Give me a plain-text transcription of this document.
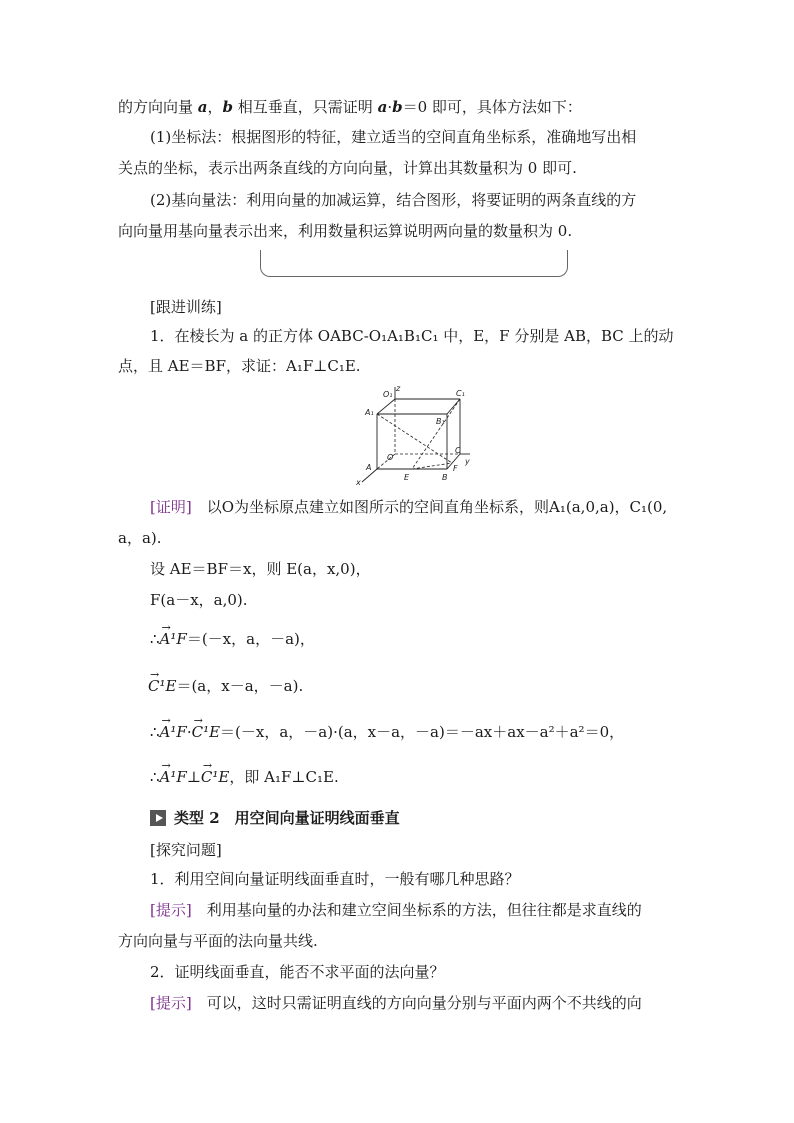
的方向向量 a，b 相互垂直，只需证明 a·b＝0 即可，具体方法如下：
(1)坐标法：根据图形的特征，建立适当的空间直角坐标系，准确地写出相
关点的坐标，表示出两条直线的方向向量，计算出其数量积为 0 即可.
(2)基向量法：利用向量的加减运算，结合图形，将要证明的两条直线的方
向向量用基向量表示出来，利用数量积运算说明两向量的数量积为 0.
[跟进训练]
1．在棱长为 a 的正方体 OABC-O₁A₁B₁C₁ 中，E，F 分别是 AB，BC 上的动
点，且 AE＝BF，求证：A₁F⊥C₁E.
z
O₁	C₁
A₁
B₁
O
C
y
A
x
E	B
F
[证明]　 以O为坐标原点建立如图所示的空间直角坐标系，则A₁(a,0,a)，C₁(0,
a，a).
设 AE＝BF＝x，则 E(a，x,0)，
F(a－x，a,0).
∴→ A¹F＝(－x，a，－a)，
→ C¹E＝(a，x－a，－a).
∴→ A¹F·→ C¹E＝(－x，a，－a)·(a，x－a，－a)＝－ax＋ax－a²＋a²＝0，
∴→ A¹F⊥→ C¹E，即 A₁F⊥C₁E.
类型 2　用空间向量证明线面垂直
[探究问题]
1．利用空间向量证明线面垂直时，一般有哪几种思路？
[提示]　 利用基向量的办法和建立空间坐标系的方法，但往往都是求直线的
方向向量与平面的法向量共线.
2．证明线面垂直，能否不求平面的法向量？
[提示]　 可以，这时只需证明直线的方向向量分别与平面内两个不共线的向
